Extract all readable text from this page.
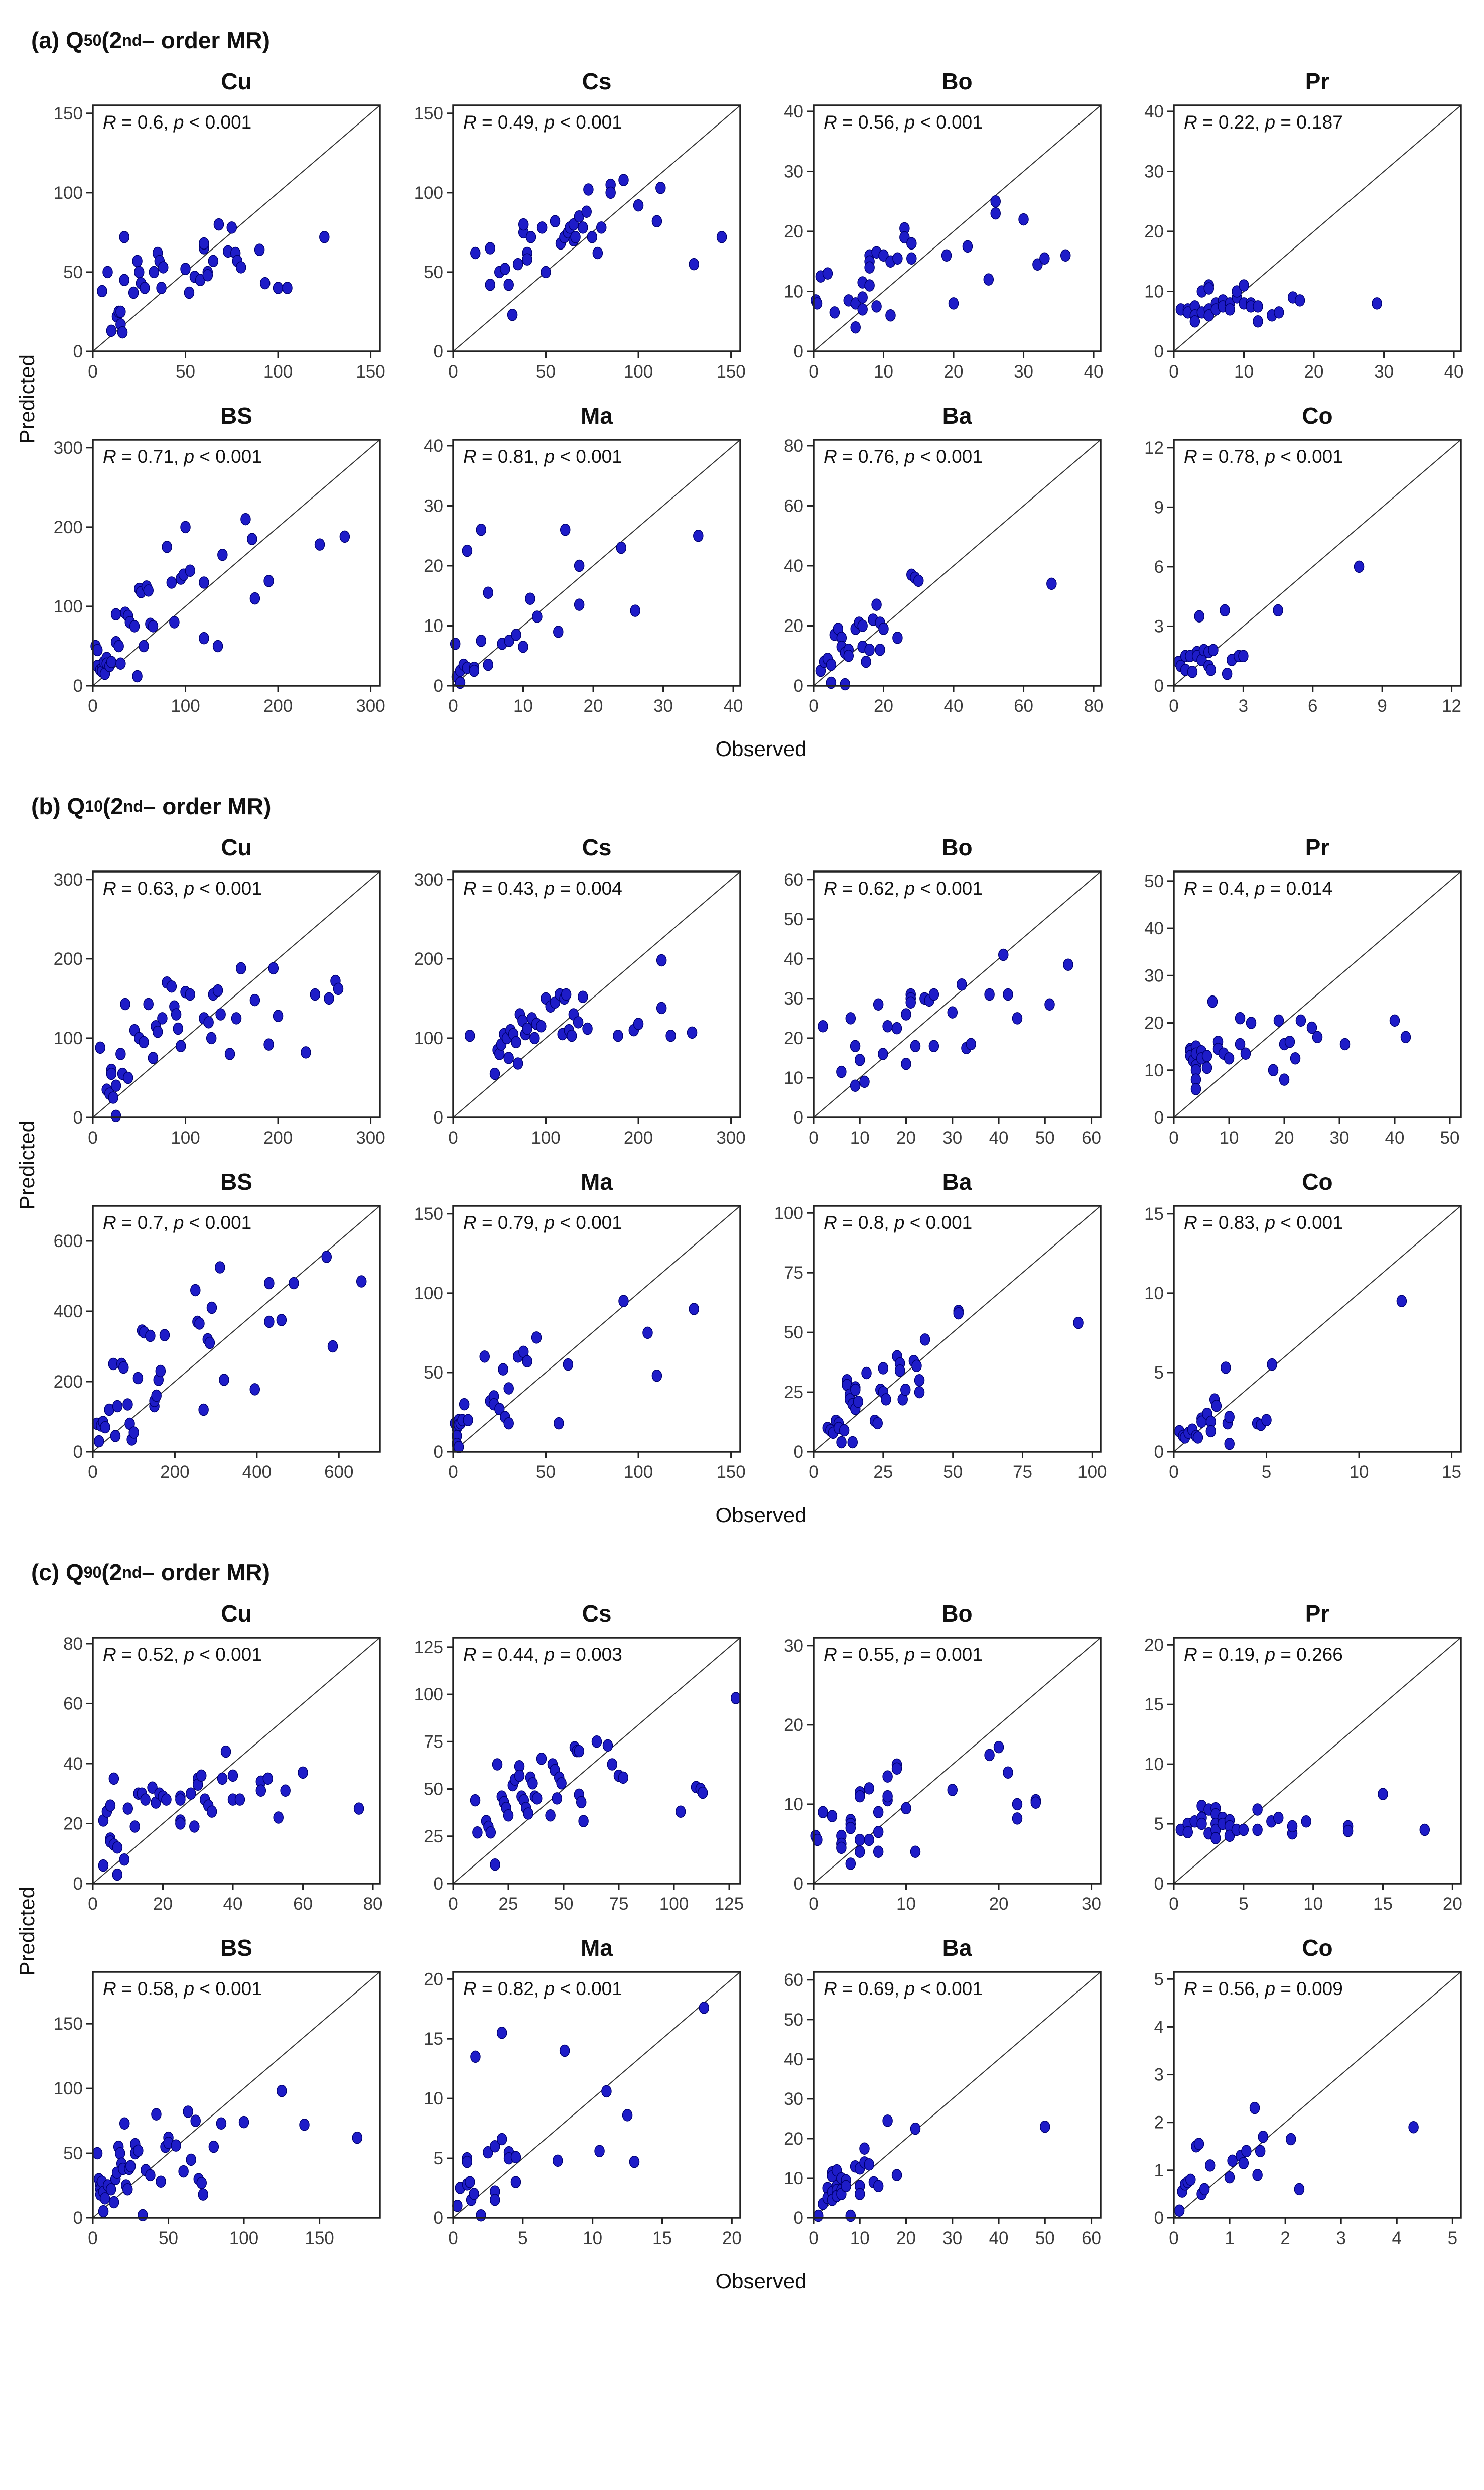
(a) Q 50 (2 nd – order MR)
Predicted
Cu
0
0
50
50
100
100
150
150
R = 0.6, p < 0.001
Cs
0
0
50
50
100
100
150
150
R = 0.49, p < 0.001
Bo
0
0
10
10
20
20
30
30
40
40
R = 0.56, p < 0.001
Pr
0
0
10
10
20
20
30
30
40
40
R = 0.22, p = 0.187
BS
0
0
100
100
200
200
300
300
R = 0.71, p < 0.001
Ma
0
0
10
10
20
20
30
30
40
40
R = 0.81, p < 0.001
Ba
0
0
20
20
40
40
60
60
80
80
R = 0.76, p < 0.001
Co
0
0
3
3
6
6
9
9
12
12
R = 0.78, p < 0.001
Observed
(b) Q 10 (2 nd – order MR)
Predicted
Cu
0
0
100
100
200
200
300
300
R = 0.63, p < 0.001
Cs
0
0
100
100
200
200
300
300
R = 0.43, p = 0.004
Bo
0
0
10
10
20
20
30
30
40
40
50
50
60
60
R = 0.62, p < 0.001
Pr
0
0
10
10
20
20
30
30
40
40
50
50
R = 0.4, p = 0.014
BS
0
0
200
200
400
400
600
600
R = 0.7, p < 0.001
Ma
0
0
50
50
100
100
150
150
R = 0.79, p < 0.001
Ba
0
0
25
25
50
50
75
75
100
100
R = 0.8, p < 0.001
Co
0
0
5
5
10
10
15
15
R = 0.83, p < 0.001
Observed
(c) Q 90 (2 nd – order MR)
Predicted
Cu
0
0
20
20
40
40
60
60
80
80
R = 0.52, p < 0.001
Cs
0
0
25
25
50
50
75
75
100
100
125
125
R = 0.44, p = 0.003
Bo
0
0
10
10
20
20
30
30
R = 0.55, p = 0.001
Pr
0
0
5
5
10
10
15
15
20
20
R = 0.19, p = 0.266
BS
0
0
50
50
100
100
150
150
R = 0.58, p < 0.001
Ma
0
0
5
5
10
10
15
15
20
20
R = 0.82, p < 0.001
Ba
0
0
10
10
20
20
30
30
40
40
50
50
60
60
R = 0.69, p < 0.001
Co
0
0
1
1
2
2
3
3
4
4
5
5
R = 0.56, p = 0.009
Observed
